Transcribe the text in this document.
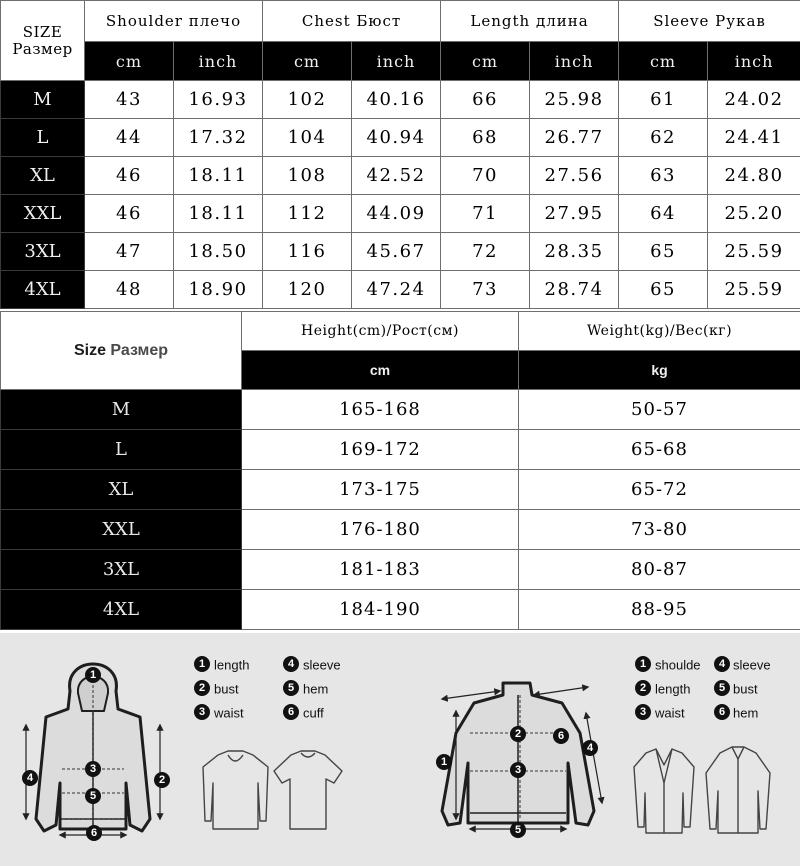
SIZE
Размер	Shoulder плечо		Chest Бюст		Length длина		Sleeve Рукав	
	cm	inch	cm	inch	cm	inch	cm	inch
M	43	16.93	102	40.16	66	25.98	61	24.02
L	44	17.32	104	40.94	68	26.77	62	24.41
XL	46	18.11	108	42.52	70	27.56	63	24.80
XXL	46	18.11	112	44.09	71	27.95	64	25.20
3XL	47	18.50	116	45.67	72	28.35	65	25.59
4XL	48	18.90	120	47.24	73	28.74	65	25.59
Size Размер	Height(cm)/Рост(см)	Weight(kg)/Вес(кг)
	cm	kg
M	165-168	50-57
L	169-172	65-68
XL	173-175	65-72
XXL	176-180	73-80
3XL	181-183	80-87
4XL	184-190	88-95
1
2
3
4
5
6
1 length	4 sleeve
2 bust	5 hem
3 waist	6 cuff
1
2
3
4
5
6
1 shoulde 4 sleeve
2 length	5 bust
3 waist	6 hem
